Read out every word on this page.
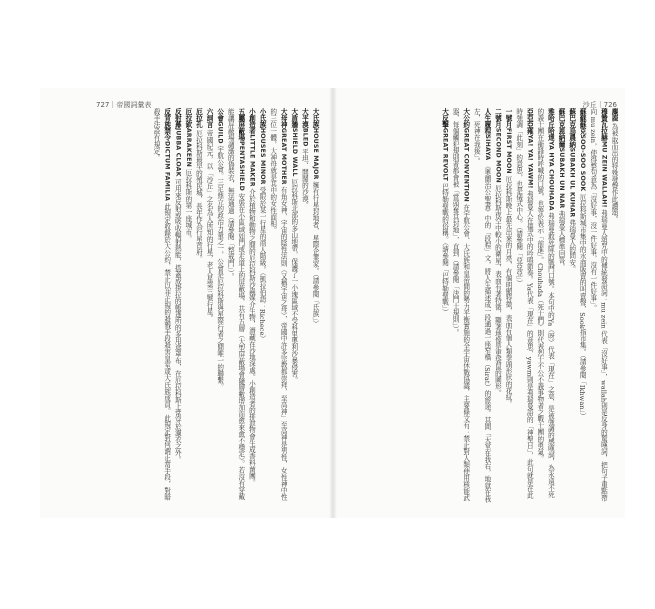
727｜帝國詞彙表

大氏族HOUSE MAJOR 擁有行星封地者，星際企業家。（請參閱「氏族」）

大平漠BLED 平坦、開闊的沙漠。

大盾牆SHIELD WALL 厄拉科斯北部的多山地帶，保護了一小塊區域不受科里奧利沙暴侵害。

大母神GREAT MOTHER 有角女神，宇宙的陰性法則（又稱宇宙之母），帝國中許多宗教都崇拜，至高神」至高神是男性，女性神中性的三位一體，大神母就是其中的女性面相。

小氏族HOUSES MINOR 受限於某一行星的商人階級。（凱拉伯語：Richece）

小創造者LITTLE MAKER 介於植物和動物之間的厄拉科斯沙蟲媒介生物，潛藏在沙地深處。小創造者的排泄物會生成香料菌團。

五屬屏蔽場PENTASHIELD 安裝在小區域如門或走道上的屏蔽場，共有五層（大型屏蔽場會隨層數增加而愈來愈不穩定）。若沒有穿戴能讓屏蔽場調諧的偽裝衣，無法通過（請參閱「整戒門」）。

公會GUILD 宇航公會。三足鼎立的政治力量之一，公會是厄拉科斯與星際行者之間唯一的聯繫。

六詞言 帝國紀元，以「沙丘」之名為人所知的行星，老人星第三號行星。

厄拉孔 厄拉科斯最早的殖民城，長年作為行星首府。

厄拉欽ARRAKEEN 厄拉科斯的第一座城市。

反射幕JUBBA CLOAK 可用來反射或吸收輻射熱能，搭蓋成掛拉的帳篷所的多用途罩布，在厄拉科斯上常穿於濾衣之外。

反背族禁令DICTUM FAMILIA 此規定收錄於大公約，禁止以非正規的殺戮手段殺害皇室或大氏族成員。此規定對何謂正當手段，對暗殺手法設有規定。

沙丘｜726

麋鹿 為被取而出的特殊發聲作此讚頌。

穆贊瓦拉赫MU ZEIN WALLAH! 弗瑞曼人頌咒中的傳統發語詞：mu zein 代表「沒好事」，wallah則是反身的驚嘆詞，把句子重點帶向 mu zein，使得整句意為「沒好事，沒一件好事，沒有一件好事」。

蘇蘇蘇克SOO-SOO SOOK 厄拉科斯城市集中的水商販賣的叫賣聲，Sook指市集。（請參閱「Ikhwan」）

蘇巴克烏農納SUBAKH UL KUHAR 弗瑞曼人的問安。

蘇巴克恩納爾SUBAKH UN NAR 弗瑞曼人標準回答。

雅哈丘哈達YA HYA CHOUHADA 弗瑞曼敢死隊的戰鬥口號。本句中的Ya（呀）代表「現在」之意，是被強調的感嘆詞，為永遠不死的義士團在衝鋒時呼喊的口號，也等於表示「前進」。Chouhada（死士們）則代表烈士不公不義事物者之戰士團的勇氣。

亞亞亞雍YA! YA! YAWM! 弗瑞曼人在儀式中的吟唱節奏。Ya代表「現在」的意思，yawm則是弗瑞曼語的「神聖日」，此句就是在此時強調「此刻」的意思，也是儀式中心。（請參閱「亞亞亞」）

一號月FIRST MOON 厄拉科斯晚上最先出來的月亮，有個明顯特徵，表面有個人類拳頭形狀的花紋。

二號月SECOND MOON 厄拉科斯夜空中較小的衛星，表面有著特徵，顯著地像是更袋鼠的圖形。

人生履程SIHAYA 《奧蘭治公聖書》中的「段程」文，將人生描述成一段通過一座窄橋（Sirat）的旅途。其間「天堂在我右，地獄在我左，死神在我後」。

大公約GREAT CONVENTION 在宇航公會、大氏族和皇帝間的勢力平衡實施的全宇宙休戰協議，主要條文有：禁止對人類使用核能武器，每個觸犯規則者都會被「當頭奪其封地」，直到（請參閱「決鬥士規則」）。

大反擊GREAT REVOLT 巴特勒聖戰的俗稱。（請參閱「巴特勒聖戰」）
